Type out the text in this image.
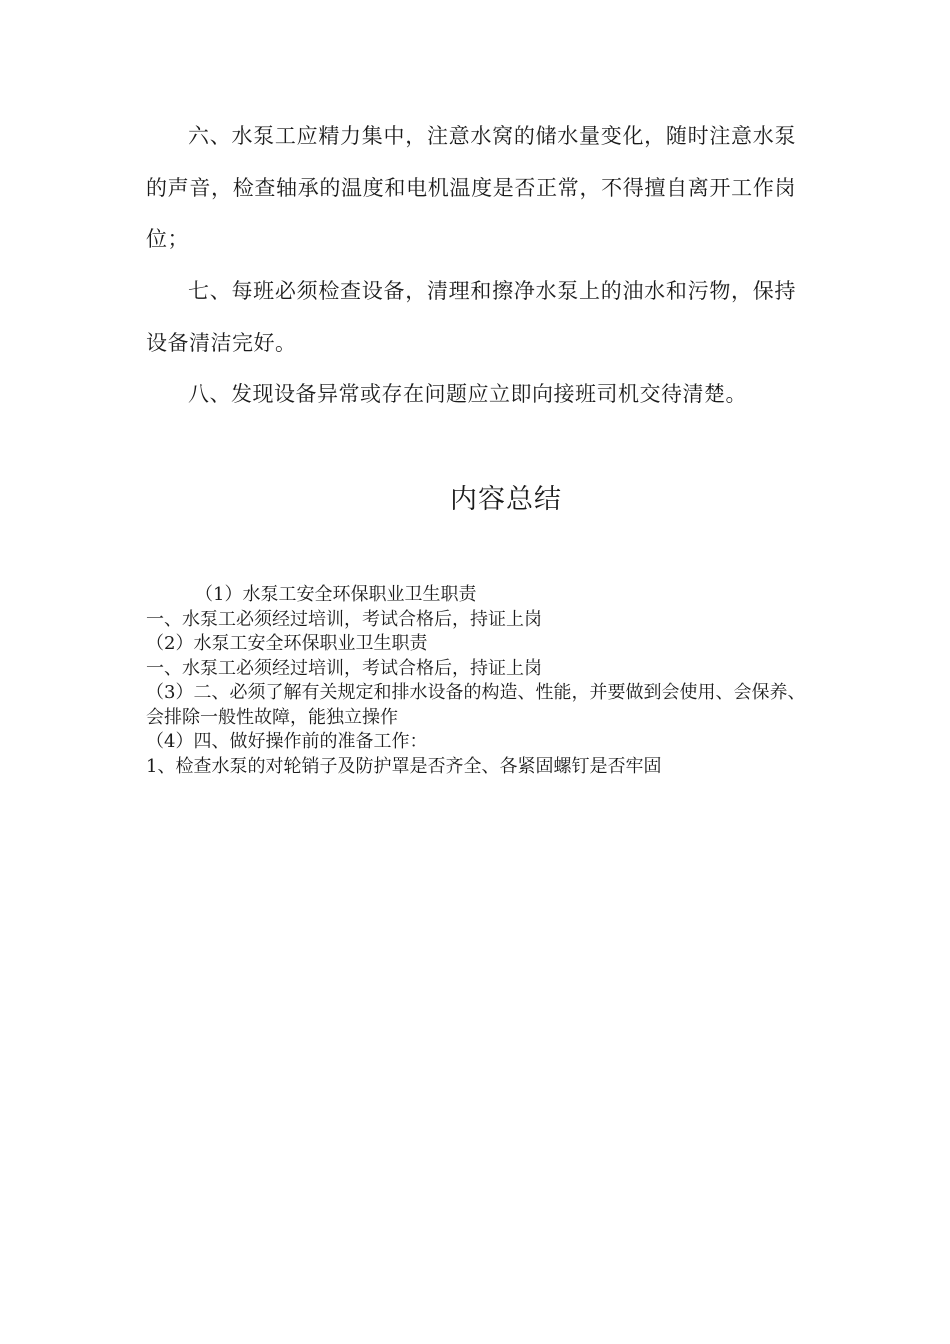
六、水泵工应精力集中，注意水窝的储水量变化，随时注意水泵的声音，检查轴承的温度和电机温度是否正常，不得擅自离开工作岗位；

七、每班必须检查设备，清理和擦净水泵上的油水和污物，保持设备清洁完好。

八、发现设备异常或存在问题应立即向接班司机交待清楚。

内容总结

（1）水泵工安全环保职业卫生职责

一、水泵工必须经过培训，考试合格后，持证上岗

（2）水泵工安全环保职业卫生职责

一、水泵工必须经过培训，考试合格后，持证上岗

（3）二、必须了解有关规定和排水设备的构造、性能，并要做到会使用、会保养、会排除一般性故障，能独立操作

（4）四、做好操作前的准备工作：

1、检查水泵的对轮销子及防护罩是否齐全、各紧固螺钉是否牢固
